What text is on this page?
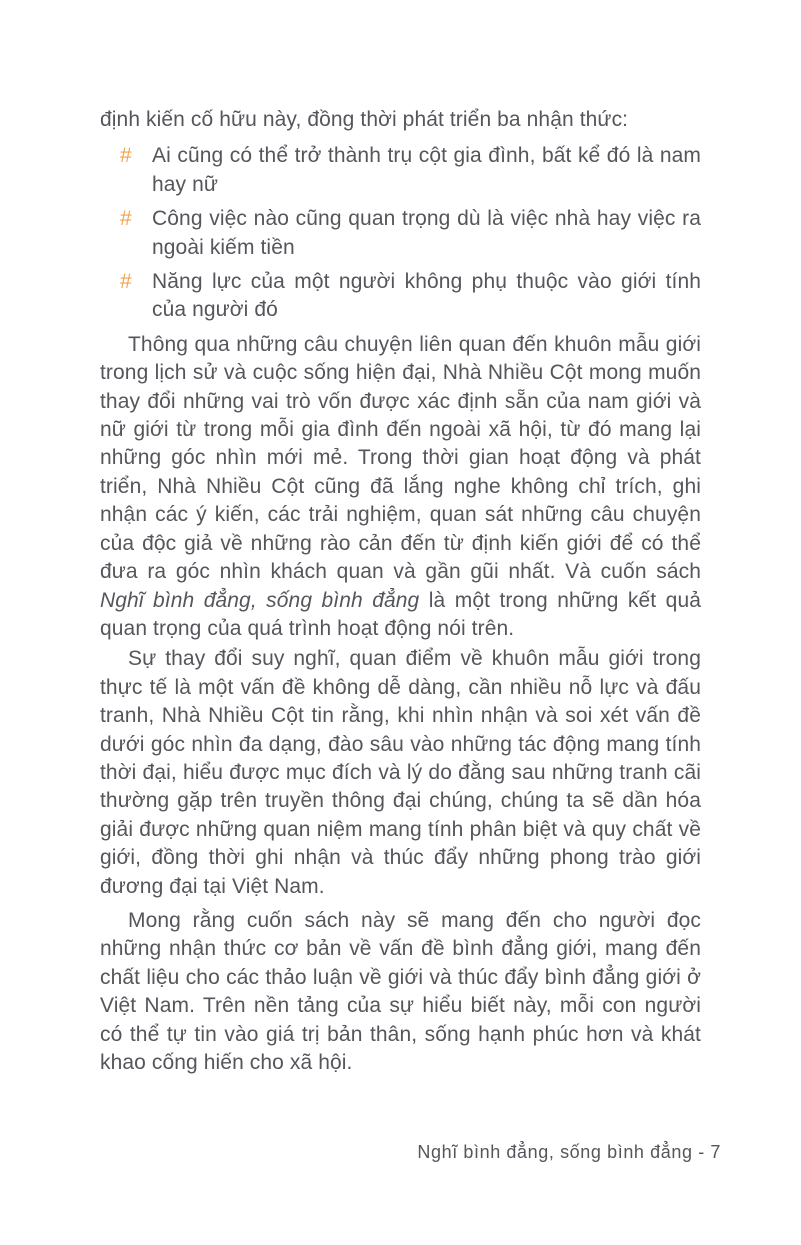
định kiến cố hữu này, đồng thời phát triển ba nhận thức:

# Ai cũng có thể trở thành trụ cột gia đình, bất kể đó là nam hay nữ
# Công việc nào cũng quan trọng dù là việc nhà hay việc ra ngoài kiếm tiền
# Năng lực của một người không phụ thuộc vào giới tính của người đó

Thông qua những câu chuyện liên quan đến khuôn mẫu giới trong lịch sử và cuộc sống hiện đại, Nhà Nhiều Cột mong muốn thay đổi những vai trò vốn được xác định sẵn của nam giới và nữ giới từ trong mỗi gia đình đến ngoài xã hội, từ đó mang lại những góc nhìn mới mẻ. Trong thời gian hoạt động và phát triển, Nhà Nhiều Cột cũng đã lắng nghe không chỉ trích, ghi nhận các ý kiến, các trải nghiệm, quan sát những câu chuyện của độc giả về những rào cản đến từ định kiến giới để có thể đưa ra góc nhìn khách quan và gần gũi nhất. Và cuốn sách Nghĩ bình đẳng, sống bình đẳng là một trong những kết quả quan trọng của quá trình hoạt động nói trên.

Sự thay đổi suy nghĩ, quan điểm về khuôn mẫu giới trong thực tế là một vấn đề không dễ dàng, cần nhiều nỗ lực và đấu tranh, Nhà Nhiều Cột tin rằng, khi nhìn nhận và soi xét vấn đề dưới góc nhìn đa dạng, đào sâu vào những tác động mang tính thời đại, hiểu được mục đích và lý do đằng sau những tranh cãi thường gặp trên truyền thông đại chúng, chúng ta sẽ dần hóa giải được những quan niệm mang tính phân biệt và quy chất về giới, đồng thời ghi nhận và thúc đẩy những phong trào giới đương đại tại Việt Nam.

Mong rằng cuốn sách này sẽ mang đến cho người đọc những nhận thức cơ bản về vấn đề bình đẳng giới, mang đến chất liệu cho các thảo luận về giới và thúc đẩy bình đẳng giới ở Việt Nam. Trên nền tảng của sự hiểu biết này, mỗi con người có thể tự tin vào giá trị bản thân, sống hạnh phúc hơn và khát khao cống hiến cho xã hội.

Nghĩ bình đẳng, sống bình đẳng - 7
